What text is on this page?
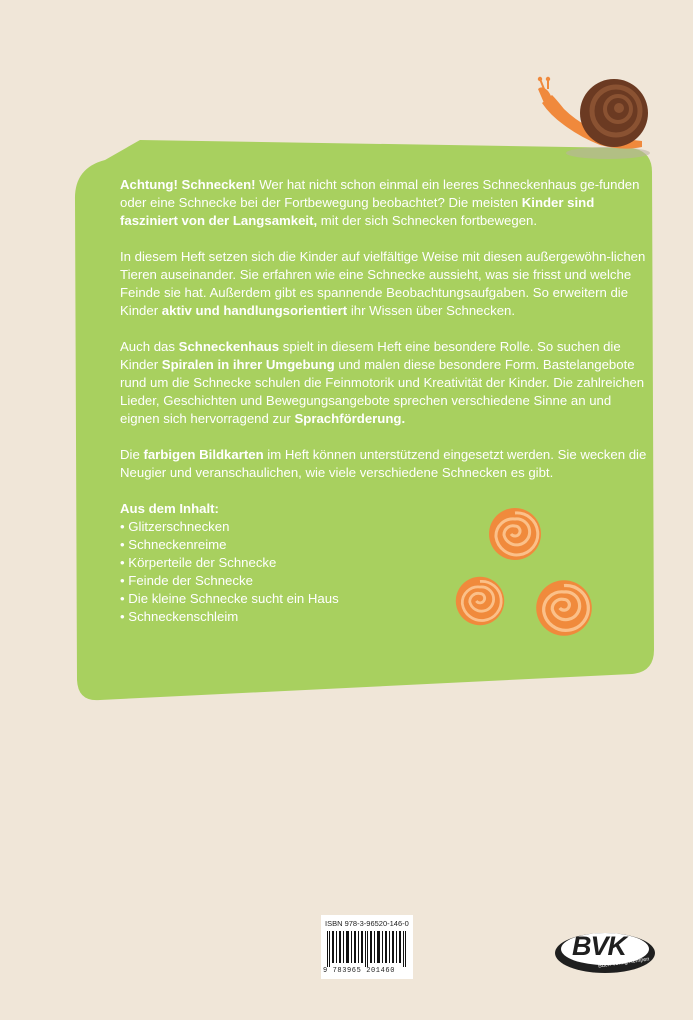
Achtung! Schnecken! Wer hat nicht schon einmal ein leeres Schneckenhaus ge-funden oder eine Schnecke bei der Fortbewegung beobachtet? Die meisten Kinder sind fasziniert von der Langsamkeit, mit der sich Schnecken fortbewegen.

In diesem Heft setzen sich die Kinder auf vielfältige Weise mit diesen außergewöhn-lichen Tieren auseinander. Sie erfahren wie eine Schnecke aussieht, was sie frisst und welche Feinde sie hat. Außerdem gibt es spannende Beobachtungsaufgaben. So erweitern die Kinder aktiv und handlungsorientiert ihr Wissen über Schnecken.

Auch das Schneckenhaus spielt in diesem Heft eine besondere Rolle. So suchen die Kinder Spiralen in ihrer Umgebung und malen diese besondere Form. Bastelangebote rund um die Schnecke schulen die Feinmotorik und Kreativität der Kinder. Die zahlreichen Lieder, Geschichten und Bewegungsangebote sprechen verschiedene Sinne an und eignen sich hervorragend zur Sprachförderung.

Die farbigen Bildkarten im Heft können unterstützend eingesetzt werden. Sie wecken die Neugier und veranschaulichen, wie viele verschiedene Schnecken es gibt.

Aus dem Inhalt:
• Glitzerschnecken
• Schneckenreime
• Körperteile der Schnecke
• Feinde der Schnecke
• Die kleine Schnecke sucht ein Haus
• Schneckenschleim
ISBN 978-3-96520-146-0
9 783965 201460
BVK
Buch Verlag Kempen
